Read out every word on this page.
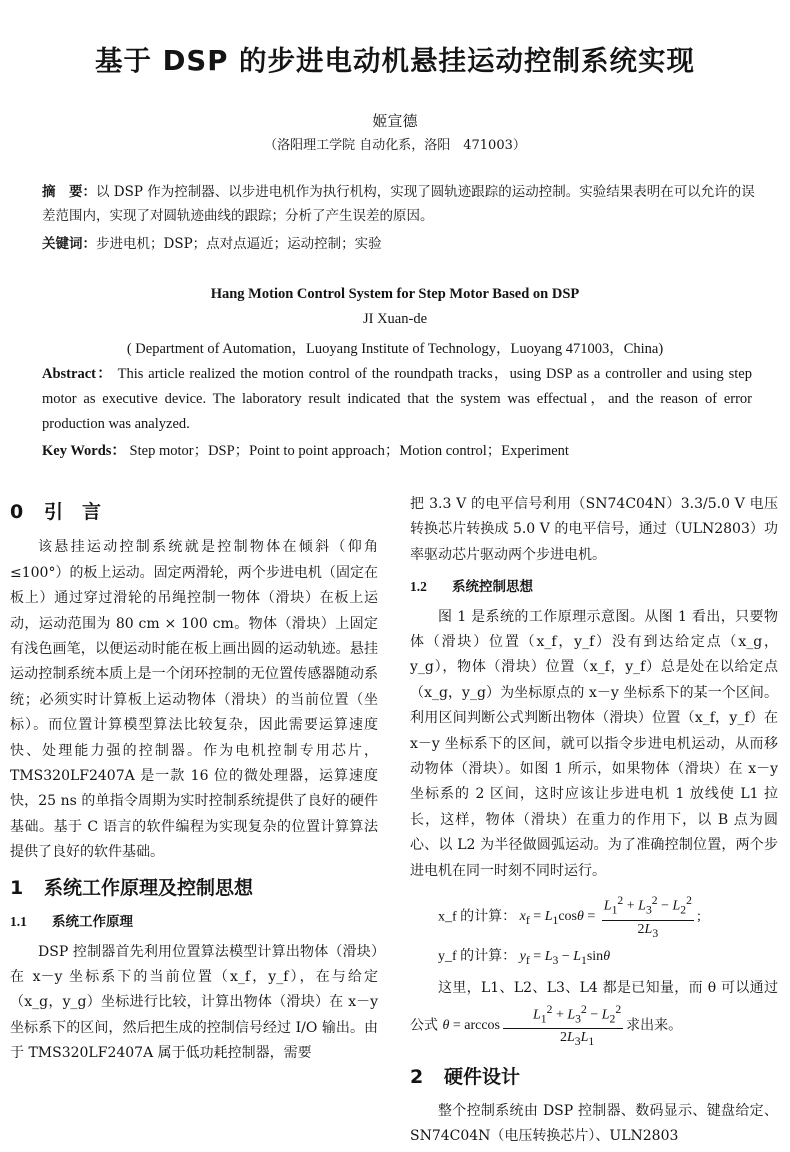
基于 DSP 的步进电动机悬挂运动控制系统实现
姬宣德
（洛阳理工学院 自动化系，洛阳　471003）
摘　要：以 DSP 作为控制器、以步进电机作为执行机构，实现了圆轨迹跟踪的运动控制。实验结果表明在可以允许的误差范围内，实现了对圆轨迹曲线的跟踪；分析了产生误差的原因。
关键词：步进电机；DSP；点对点逼近；运动控制；实验
Hang Motion Control System for Step Motor Based on DSP
JI Xuan-de
( Department of Automation，Luoyang Institute of Technology，Luoyang 471003，China)
Abstract： This article realized the motion control of the roundpath tracks，using DSP as a controller and using step motor as executive device. The laboratory result indicated that the system was effectual，and the reason of error production was analyzed.
Key Words： Step motor；DSP；Point to point approach；Motion control；Experiment
0 引　言

该悬挂运动控制系统就是控制物体在倾斜（仰角≤100°）的板上运动。固定两滑轮，两个步进电机（固定在板上）通过穿过滑轮的吊绳控制一物体（滑块）在板上运动，运动范围为 80 cm × 100 cm。物体（滑块）上固定有浅色画笔，以便运动时能在板上画出圆的运动轨迹。悬挂运动控制系统本质上是一个闭环控制的无位置传感器随动系统；必须实时计算板上运动物体（滑块）的当前位置（坐标）。而位置计算模型算法比较复杂，因此需要运算速度快、处理能力强的控制器。作为电机控制专用芯片，TMS320LF2407A 是一款 16 位的微处理器，运算速度快，25 ns 的单指令周期为实时控制系统提供了良好的硬件基础。基于 C 语言的软件编程为实现复杂的位置计算算法提供了良好的软件基础。

1 系统工作原理及控制思想
1.1 系统工作原理

DSP 控制器首先利用位置算法模型计算出物体（滑块）在 x－y 坐标系下的当前位置（x_f，y_f），在与给定（x_g，y_g）坐标进行比较，计算出物体（滑块）在 x－y 坐标系下的区间，然后把生成的控制信号经过 I/O 输出。由于 TMS320LF2407A 属于低功耗控制器，需要

把 3.3 V 的电平信号利用（SN74C04N）3.3/5.0 V 电压转换芯片转换成 5.0 V 的电平信号，通过（ULN2803）功率驱动芯片驱动两个步进电机。

1.2 系统控制思想

图 1 是系统的工作原理示意图。从图 1 看出，只要物体（滑块）位置（x_f，y_f）没有到达给定点（x_g，y_g），物体（滑块）位置（x_f，y_f）总是处在以给定点（x_g，y_g）为坐标原点的 x－y 坐标系下的某一个区间。利用区间判断公式判断出物体（滑块）位置（x_f，y_f）在 x－y 坐标系下的区间，就可以指令步进电机运动，从而移动物体（滑块）。如图 1 所示，如果物体（滑块）在 x－y 坐标系的 2 区间，这时应该让步进电机 1 放线使 L1 拉长，这样，物体（滑块）在重力的作用下，以 B 点为圆心、以 L2 为半径做圆弧运动。为了准确控制位置，两个步进电机在同一时刻不同时运行。

x_f 的计算： $x_f = L_1\cos\theta = \frac{L_1^2 + L_3^2 - L_2^2}{2L_3}$ ;
y_f 的计算： $y_f = L_3 - L_1\sin\theta$

这里，L1、L2、L3、L4 都是已知量，而 θ 可以通过公式 $\theta = \arccos \frac{L_1^2 + L_3^2 - L_2^2}{2L_3L_1}$ 求出来。

2 硬件设计

整个控制系统由 DSP 控制器、数码显示、键盘给定、SN74C04N（电压转换芯片）、ULN2803
